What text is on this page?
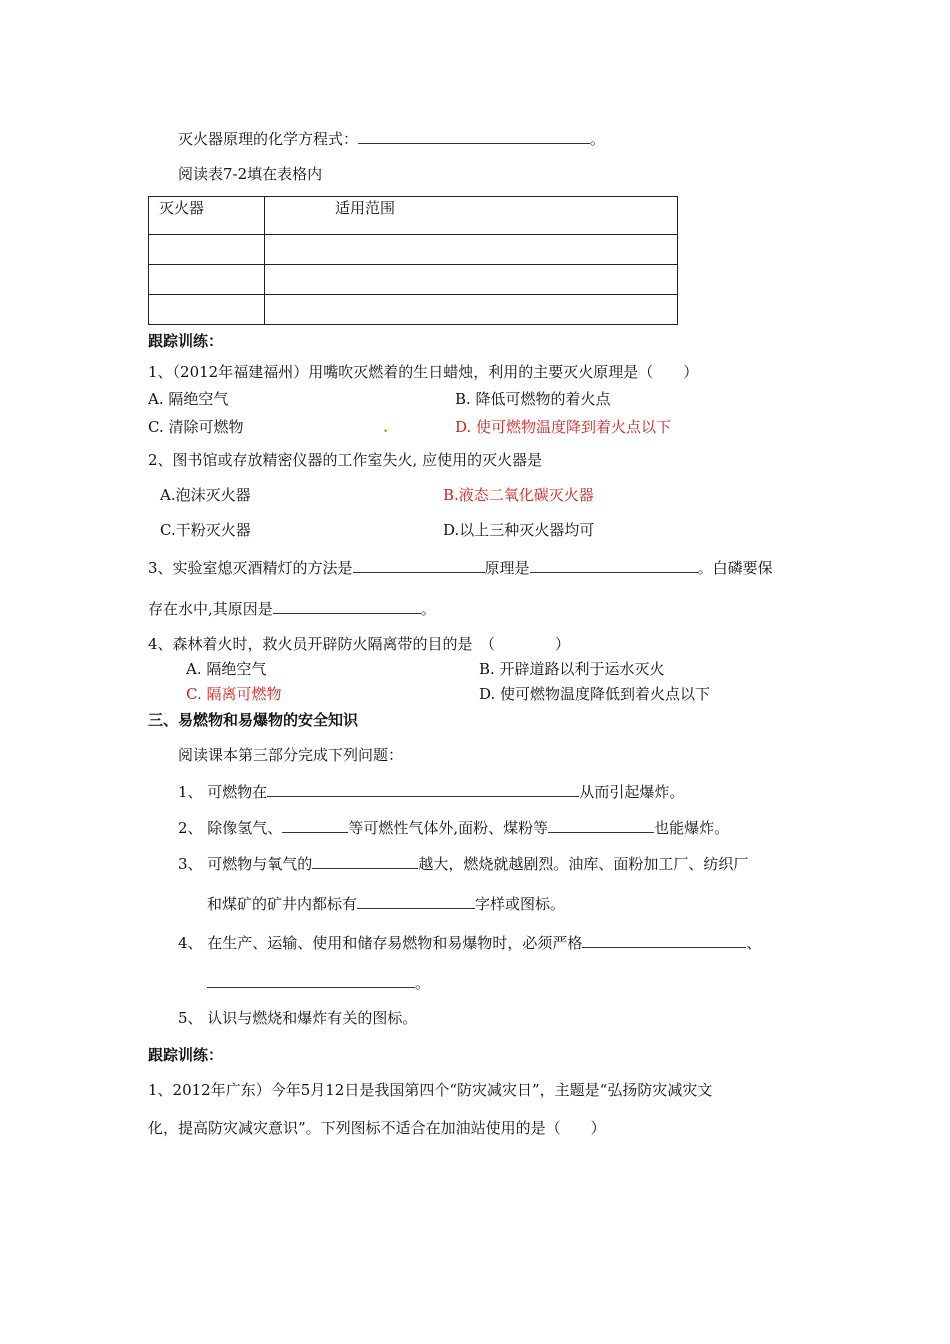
灭火器原理的化学方程式：	。
阅读表7-2填在表格内
灭火器	适用范围

跟踪训练：
1、（2012年福建福州）用嘴吹灭燃着的生日蜡烛，利用的主要灭火原理是（　　）
A. 隔绝空气	B. 降低可燃物的着火点
C. 清除可燃物	.	D. 使可燃物温度降到着火点以下
2、图书馆或存放精密仪器的工作室失火, 应使用的灭火器是
A.泡沫灭火器	B.液态二氧化碳灭火器
C.干粉灭火器	D.以上三种灭火器均可
3、实验室熄灭酒精灯的方法是	原理是	。白磷要保
存在水中,其原因是	。
4、森林着火时，救火员开辟防火隔离带的目的是　（　　　　）
A. 隔绝空气	B. 开辟道路以利于运水灭火
C. 隔离可燃物	D. 使可燃物温度降低到着火点以下
三、易燃物和易爆物的安全知识
阅读课本第三部分完成下列问题：
1、 可燃物在	从而引起爆炸。
2、 除像氢气、	等可燃性气体外,面粉、煤粉等	也能爆炸。
3、 可燃物与氧气的	越大，燃烧就越剧烈。油库、面粉加工厂、纺织厂
和煤矿的矿井内都标有	字样或图标。
4、 在生产、运输、使用和储存易燃物和易爆物时，必须严格	、
。
5、 认识与燃烧和爆炸有关的图标。
跟踪训练：
1、2012年广东）今年5月12日是我国第四个“防灾减灾日”，主题是“弘扬防灾减灾文
化，提高防灾减灾意识”。下列图标不适合在加油站使用的是（　　）
